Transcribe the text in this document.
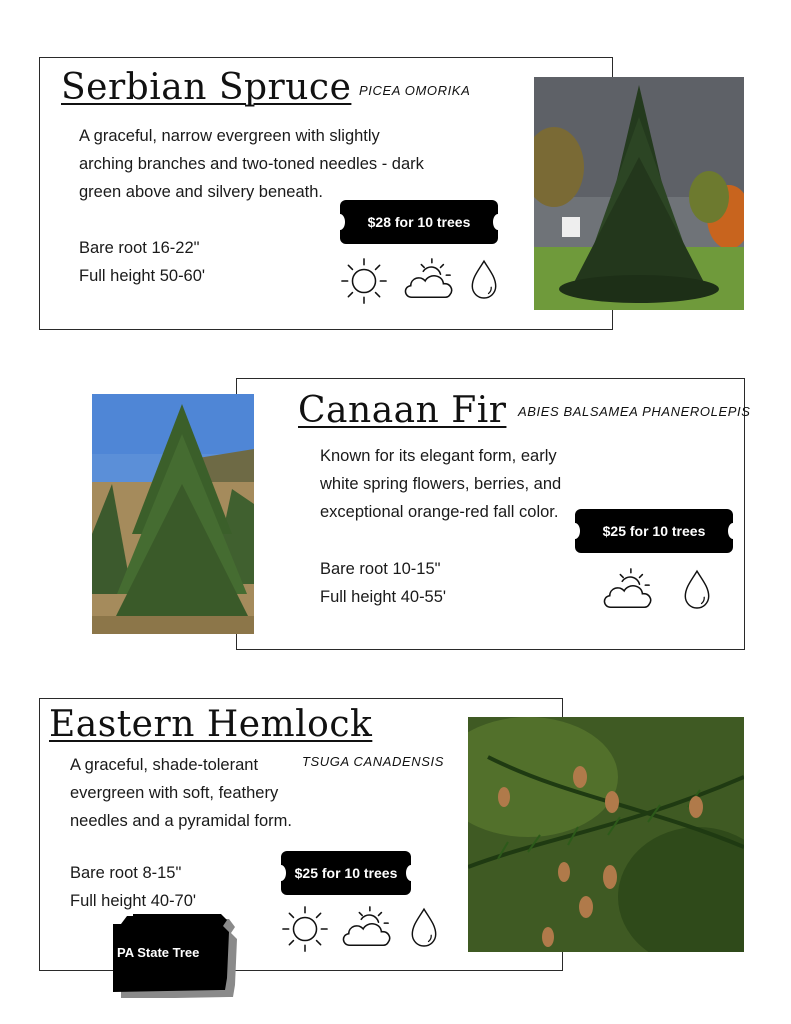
Serbian Spruce PICEA OMORIKA
A graceful, narrow evergreen with slightly
arching branches and two-toned needles - dark
green above and silvery beneath.
Bare root 16-22"
Full height 50-60'
$28 for 10 trees
Canaan Fir ABIES BALSAMEA PHANEROLEPIS
Known for its elegant form, early
white spring flowers, berries, and
exceptional orange-red fall color.
Bare root 10-15"
Full height 40-55'
$25 for 10 trees
Eastern Hemlock
TSUGA CANADENSIS
A graceful, shade-tolerant
evergreen with soft, feathery
needles and a pyramidal form.
Bare root 8-15"
Full height 40-70'
$25 for 10 trees
PA State Tree
